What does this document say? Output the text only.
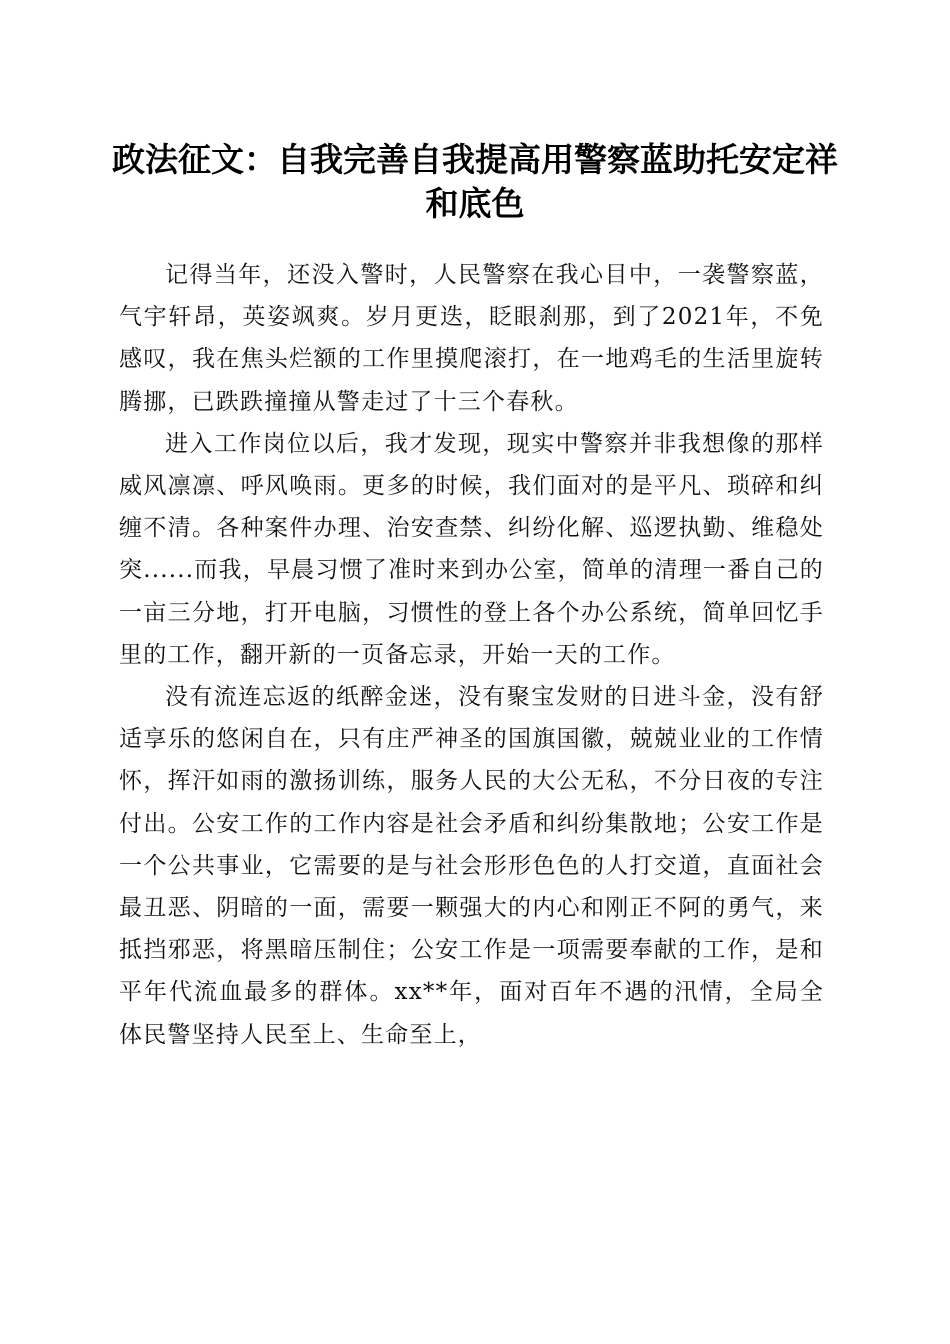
政法征文：自我完善自我提高用警察蓝助托安定祥和底色

记得当年，还没入警时，人民警察在我心目中，一袭警察蓝，气宇轩昂，英姿飒爽。岁月更迭，眨眼刹那，到了2021年，不免感叹，我在焦头烂额的工作里摸爬滚打，在一地鸡毛的生活里旋转腾挪，已跌跌撞撞从警走过了十三个春秋。

进入工作岗位以后，我才发现，现实中警察并非我想像的那样威风凛凛、呼风唤雨。更多的时候，我们面对的是平凡、琐碎和纠缠不清。各种案件办理、治安查禁、纠纷化解、巡逻执勤、维稳处突......而我，早晨习惯了准时来到办公室，简单的清理一番自己的一亩三分地，打开电脑，习惯性的登上各个办公系统，简单回忆手里的工作，翻开新的一页备忘录，开始一天的工作。

没有流连忘返的纸醉金迷，没有聚宝发财的日进斗金，没有舒适享乐的悠闲自在，只有庄严神圣的国旗国徽，兢兢业业的工作情怀，挥汗如雨的激扬训练，服务人民的大公无私，不分日夜的专注付出。公安工作的工作内容是社会矛盾和纠纷集散地；公安工作是一个公共事业，它需要的是与社会形形色色的人打交道，直面社会最丑恶、阴暗的一面，需要一颗强大的内心和刚正不阿的勇气，来抵挡邪恶，将黑暗压制住；公安工作是一项需要奉献的工作，是和平年代流血最多的群体。xx**年，面对百年不遇的汛情，全局全体民警坚持人民至上、生命至上，
